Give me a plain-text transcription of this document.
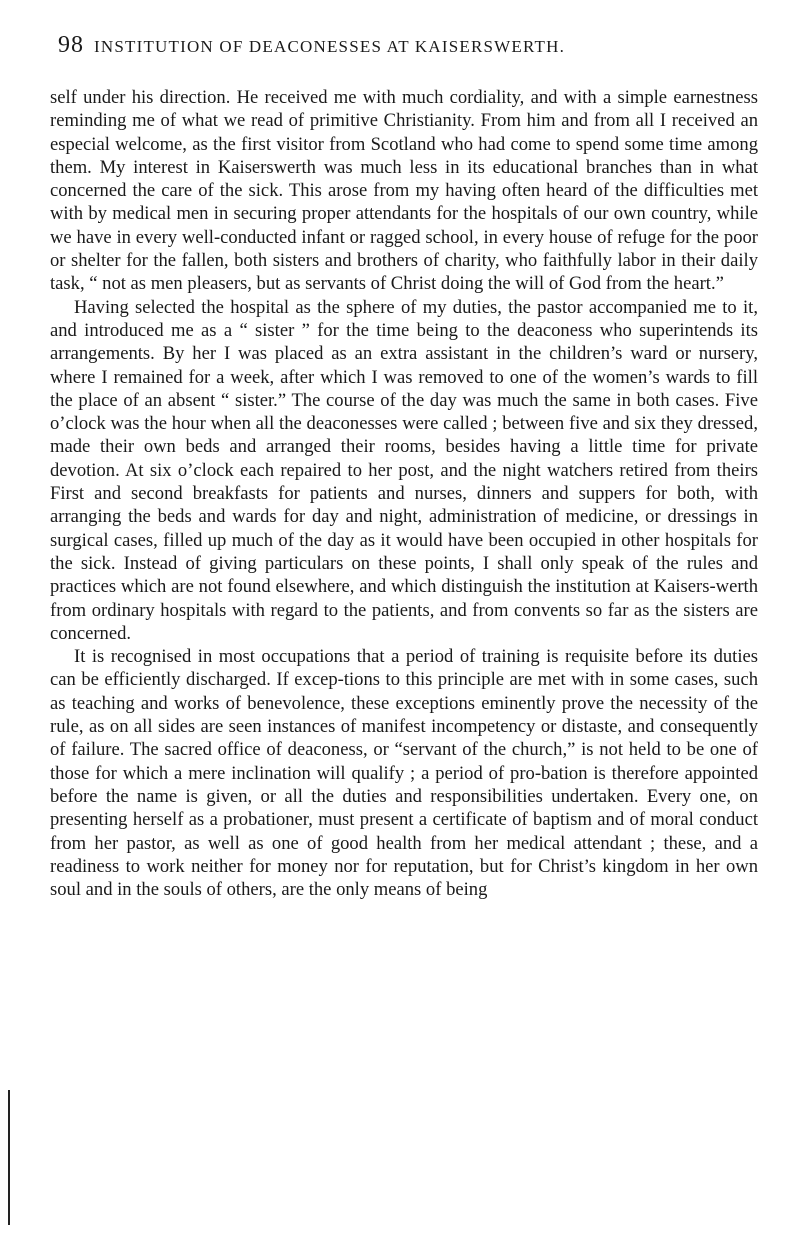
98 INSTITUTION OF DEACONESSES AT KAISERSWERTH.

self under his direction. He received me with much cordiality, and with a simple earnestness reminding me of what we read of primitive Christianity. From him and from all I received an especial welcome, as the first visitor from Scotland who had come to spend some time among them. My interest in Kaiserswerth was much less in its educational branches than in what concerned the care of the sick. This arose from my having often heard of the difficulties met with by medical men in securing proper attendants for the hospitals of our own country, while we have in every well-conducted infant or ragged school, in every house of refuge for the poor or shelter for the fallen, both sisters and brothers of charity, who faithfully labor in their daily task, “ not as men pleasers, but as servants of Christ doing the will of God from the heart.”

Having selected the hospital as the sphere of my duties, the pastor accompanied me to it, and introduced me as a “ sister ” for the time being to the deaconess who superintends its arrangements. By her I was placed as an extra assistant in the children’s ward or nursery, where I remained for a week, after which I was removed to one of the women’s wards to fill the place of an absent “ sister.” The course of the day was much the same in both cases. Five o’clock was the hour when all the deaconesses were called ; between five and six they dressed, made their own beds and arranged their rooms, besides having a little time for private devotion. At six o’clock each repaired to her post, and the night watchers retired from theirs First and second breakfasts for patients and nurses, dinners and suppers for both, with arranging the beds and wards for day and night, administration of medicine, or dressings in surgical cases, filled up much of the day as it would have been occupied in other hospitals for the sick. Instead of giving particulars on these points, I shall only speak of the rules and practices which are not found elsewhere, and which distinguish the institution at Kaisers-werth from ordinary hospitals with regard to the patients, and from convents so far as the sisters are concerned.

It is recognised in most occupations that a period of training is requisite before its duties can be efficiently discharged. If excep-tions to this principle are met with in some cases, such as teaching and works of benevolence, these exceptions eminently prove the necessity of the rule, as on all sides are seen instances of manifest incompetency or distaste, and consequently of failure. The sacred office of deaconess, or “servant of the church,” is not held to be one of those for which a mere inclination will qualify ; a period of pro-bation is therefore appointed before the name is given, or all the duties and responsibilities undertaken. Every one, on presenting herself as a probationer, must present a certificate of baptism and of moral conduct from her pastor, as well as one of good health from her medical attendant ; these, and a readiness to work neither for money nor for reputation, but for Christ’s kingdom in her own soul and in the souls of others, are the only means of being
